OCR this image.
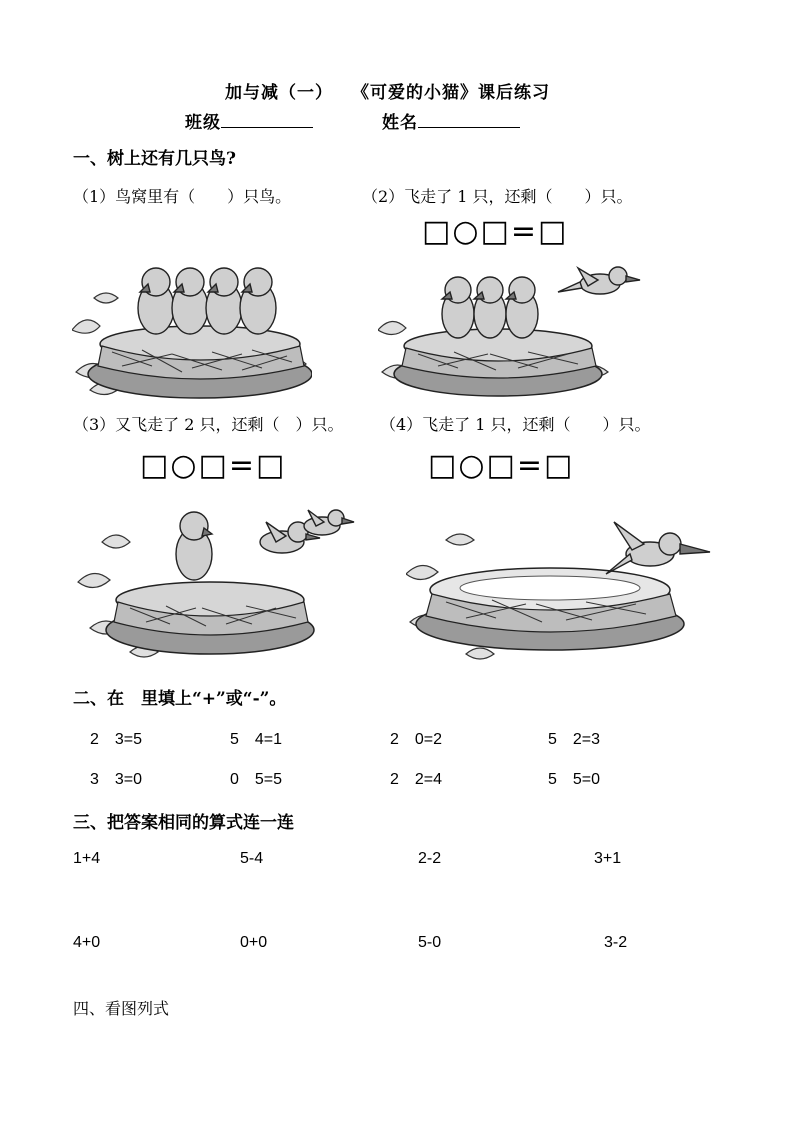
加与减（一）　　《可爱的小猫》课后练习
班级	姓名
一、树上还有几只鸟?
（1）鸟窝里有（　　）只鸟。	（2）飞走了 1 只，还剩（　　）只。
□○□=□
（3）又飞走了 2 只，还剩（　）只。 （4）飞走了 1 只，还剩（　　）只。
□○□=□	□○□=□
二、在　里填上“+”或“-”。
2　3=5	5　4=1	2　0=2	5　2=3
3　3=0	0　5=5	2　2=4	5　5=0
三、把答案相同的算式连一连
1+4	5-4	2-2	3+1
4+0	0+0	5-0	3-2
四、看图列式
